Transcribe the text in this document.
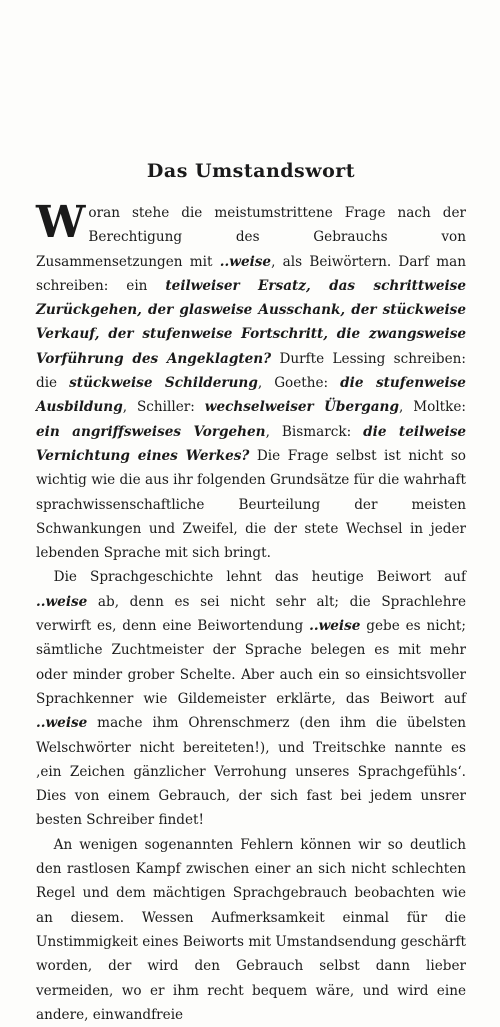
Das Umstandswort

Woran stehe die meistumstrittene Frage nach der Berechtigung des Gebrauchs von Zusammensetzungen mit ..weise, als Beiwörtern. Darf man schreiben: ein teilweiser Ersatz, das schrittweise Zurückgehen, der glasweise Ausschank, der stückweise Verkauf, der stufenweise Fortschritt, die zwangsweise Vorführung des Angeklagten? Durfte Lessing schreiben: die stückweise Schilderung, Goethe: die stufenweise Ausbildung, Schiller: wechselweiser Übergang, Moltke: ein angriffsweises Vorgehen, Bismarck: die teilweise Vernichtung eines Werkes? Die Frage selbst ist nicht so wichtig wie die aus ihr folgenden Grundsätze für die wahrhaft sprachwissenschaftliche Beurteilung der meisten Schwankungen und Zweifel, die der stete Wechsel in jeder lebenden Sprache mit sich bringt.

Die Sprachgeschichte lehnt das heutige Beiwort auf ..weise ab, denn es sei nicht sehr alt; die Sprachlehre verwirft es, denn eine Beiwortendung ..weise gebe es nicht; sämtliche Zuchtmeister der Sprache belegen es mit mehr oder minder grober Schelte. Aber auch ein so einsichtsvoller Sprachkenner wie Gildemeister erklärte, das Beiwort auf ..weise mache ihm Ohrenschmerz (den ihm die übelsten Welschwörter nicht bereiteten!), und Treitschke nannte es ‚ein Zeichen gänzlicher Verrohung unseres Sprachgefühls‘. Dies von einem Gebrauch, der sich fast bei jedem unsrer besten Schreiber findet!

An wenigen sogenannten Fehlern können wir so deutlich den rastlosen Kampf zwischen einer an sich nicht schlechten Regel und dem mächtigen Sprachgebrauch beobachten wie an diesem. Wessen Aufmerksamkeit einmal für die Unstimmigkeit eines Beiworts mit Umstandsendung geschärft worden, der wird den Gebrauch selbst dann lieber vermeiden, wo er ihm recht bequem wäre, und wird eine andere, einwandfreie
